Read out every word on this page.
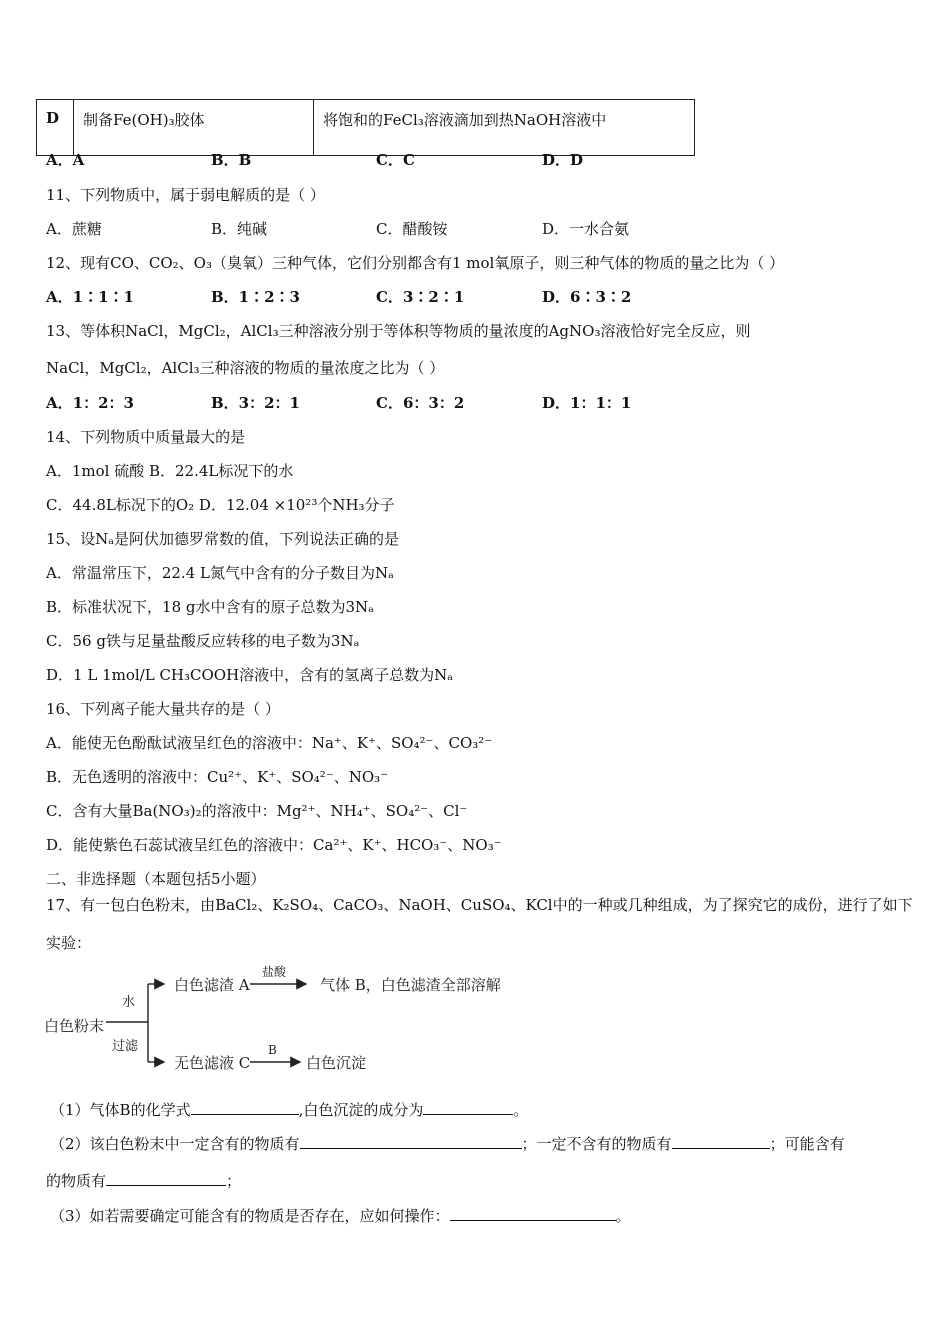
D	制备Fe(OH)₃胶体	将饱和的FeCl₃溶液滴加到热NaOH溶液中
A．A	B．B	C．C	D．D
11、下列物质中，属于弱电解质的是（ ）
A．蔗糖	B．纯碱	C．醋酸铵	D．一水合氨
12、现有CO、CO₂、O₃（臭氧）三种气体，它们分别都含有1 mol氧原子，则三种气体的物质的量之比为（ ）
A．1∶1∶1	B．1∶2∶3	C．3∶2∶1	D．6∶3∶2
13、等体积NaCl，MgCl₂，AlCl₃三种溶液分别于等体积等物质的量浓度的AgNO₃溶液恰好完全反应，则
NaCl，MgCl₂，AlCl₃三种溶液的物质的量浓度之比为（ ）
A．1：2：3	B．3：2：1	C．6：3：2	D．1：1：1
14、下列物质中质量最大的是
A．1mol 硫酸 B．22.4L标况下的水
C．44.8L标况下的O₂ D．12.04 ×10²³个NH₃分子
15、设Nₐ是阿伏加德罗常数的值，下列说法正确的是
A．常温常压下，22.4 L氮气中含有的分子数目为Nₐ
B．标准状况下，18 g水中含有的原子总数为3Nₐ
C．56 g铁与足量盐酸反应转移的电子数为3Nₐ
D．1 L 1mol/L CH₃COOH溶液中，含有的氢离子总数为Nₐ
16、下列离子能大量共存的是（ ）
A．能使无色酚酞试液呈红色的溶液中：Na⁺、K⁺、SO₄²⁻、CO₃²⁻
B．无色透明的溶液中：Cu²⁺、K⁺、SO₄²⁻、NO₃⁻
C．含有大量Ba(NO₃)₂的溶液中：Mg²⁺、NH₄⁺、SO₄²⁻、Cl⁻
D．能使紫色石蕊试液呈红色的溶液中：Ca²⁺、K⁺、HCO₃⁻、NO₃⁻
二、非选择题（本题包括5小题）
17、有一包白色粉末，由BaCl₂、K₂SO₄、CaCO₃、NaOH、CuSO₄、KCl中的一种或几种组成，为了探究它的成份，进行了如下
实验：
白色粉末
水
过滤
白色滤渣 A
盐酸
气体 B，白色滤渣全部溶解
无色滤液 C
B
白色沉淀
（1）气体B的化学式	,白色沉淀的成分为	。
（2）该白色粉末中一定含有的物质有	；一定不含有的物质有	；可能含有
的物质有	；
（3）如若需要确定可能含有的物质是否存在，应如何操作：	。
